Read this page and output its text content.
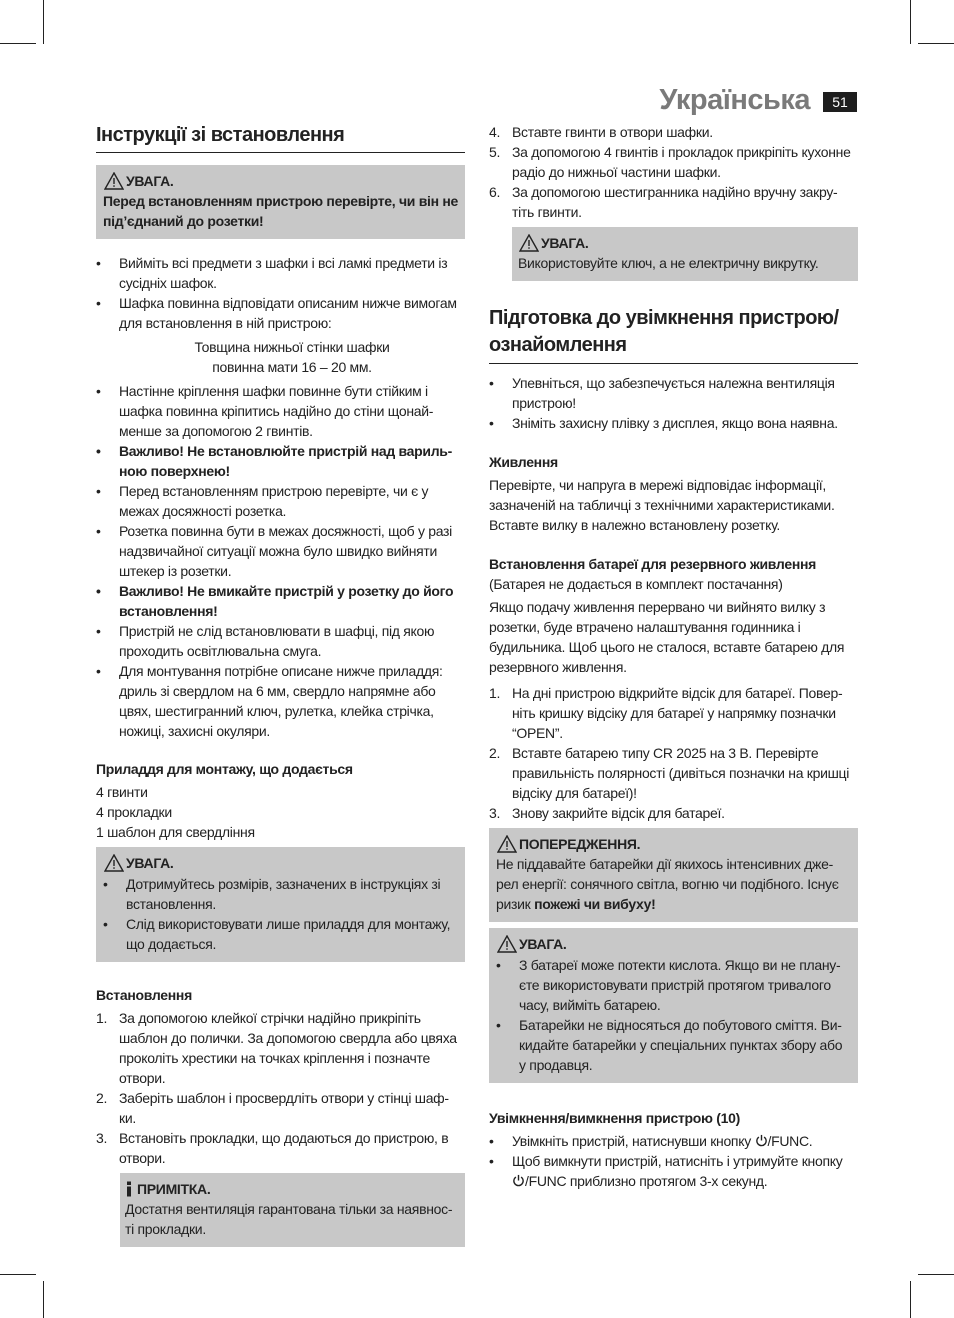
Українська	51
Інструкції зі встановлення
УВАГА.
Перед встановленням пристрою перевірте, чи він не під’єднаний до розетки!
• Вийміть всі предмети з шафки і всі ламкі предмети із сусідніх шафок.
• Шафка повинна відповідати описаним нижче вимогам для встановлення в ній пристрою:
Товщина нижньої стінки шафки
повинна мати 16 – 20 мм.
• Настінне кріплення шафки повинне бути стійким і шафка повинна кріпитись надійно до стіни щонай-менше за допомогою 2 гвинтів.
• Важливо! Не встановлюйте пристрій над вариль-ною поверхнею!
• Перед встановленням пристрою перевірте, чи є у межах досяжності розетка.
• Розетка повинна бути в межах досяжності, щоб у разі надзвичайної ситуації можна було швидко вийняти штекер із розетки.
• Важливо! Не вмикайте пристрій у розетку до його встановлення!
• Пристрій не слід встановлювати в шафці, під якою проходить освітлювальна смуга.
• Для монтування потрібне описане нижче приладдя: дриль зі свердлом на 6 мм, свердло напрямне або цвях, шестигранний ключ, рулетка, клейка стрічка, ножиці, захисні окуляри.
Приладдя для монтажу, що додається
4 гвинти
4 прокладки
1 шаблон для свердління
УВАГА.
• Дотримуйтесь розмірів, зазначених в інструкціях зі встановлення.
• Слід використовувати лише приладдя для монтажу, що додається.
Встановлення
1. За допомогою клейкої стрічки надійно прикріпіть шаблон до полички. За допомогою свердла або цвяха проколіть хрестики на точках кріплення і позначте отвори.
2. Заберіть шаблон і просвердліть отвори у стінці шаф-ки.
3. Встановіть прокладки, що додаються до пристрою, в отвори.
ПРИМІТКА.
Достатня вентиляція гарантована тільки за наявнос-ті прокладки.
4. Вставте гвинти в отвори шафки.
5. За допомогою 4 гвинтів і прокладок прикріпіть кухонне радіо до нижньої частини шафки.
6. За допомогою шестигранника надійно вручну закру-тіть гвинти.
УВАГА.
Використовуйте ключ, а не електричну викрутку.
Підготовка до увімкнення пристрою/ ознайомлення
• Упевніться, що забезпечується належна вентиляція пристрою!
• Зніміть захисну плівку з дисплея, якщо вона наявна.
Живлення
Перевірте, чи напруга в мережі відповідає інформації, зазначеній на табличці з технічними характеристиками. Вставте вилку в належно встановлену розетку.
Встановлення батареї для резервного живлення
(Батарея не додається в комплект постачання)
Якщо подачу живлення перервано чи вийнято вилку з розетки, буде втрачено налаштування годинника і будильника. Щоб цього не сталося, вставте батарею для резервного живлення.
1. На дні пристрою відкрийте відсік для батареї. Повер-ніть кришку відсіку для батареї у напрямку позначки “OPEN”.
2. Вставте батарею типу CR 2025 на 3 В. Перевірте правильність полярності (дивіться позначки на кришці відсіку для батареї)!
3. Знову закрийте відсік для батареї.
ПОПЕРЕДЖЕННЯ.
Не піддавайте батарейки дії якихось інтенсивних дже-рел енергії: сонячного світла, вогню чи подібного. Існує ризик пожежі чи вибуху!
УВАГА.
• З батареї може потекти кислота. Якщо ви не плану-єте використовувати пристрій протягом тривалого часу, вийміть батарею.
• Батарейки не відносяться до побутового сміття. Ви-кидайте батарейки у спеціальних пунктах збору або у продавця.
Увімкнення/вимкнення пристрою (10)
• Увімкніть пристрій, натиснувши кнопку /FUNC.
• Щоб вимкнути пристрій, натисніть і утримуйте кнопку
/FUNC приблизно протягом 3-х секунд.
